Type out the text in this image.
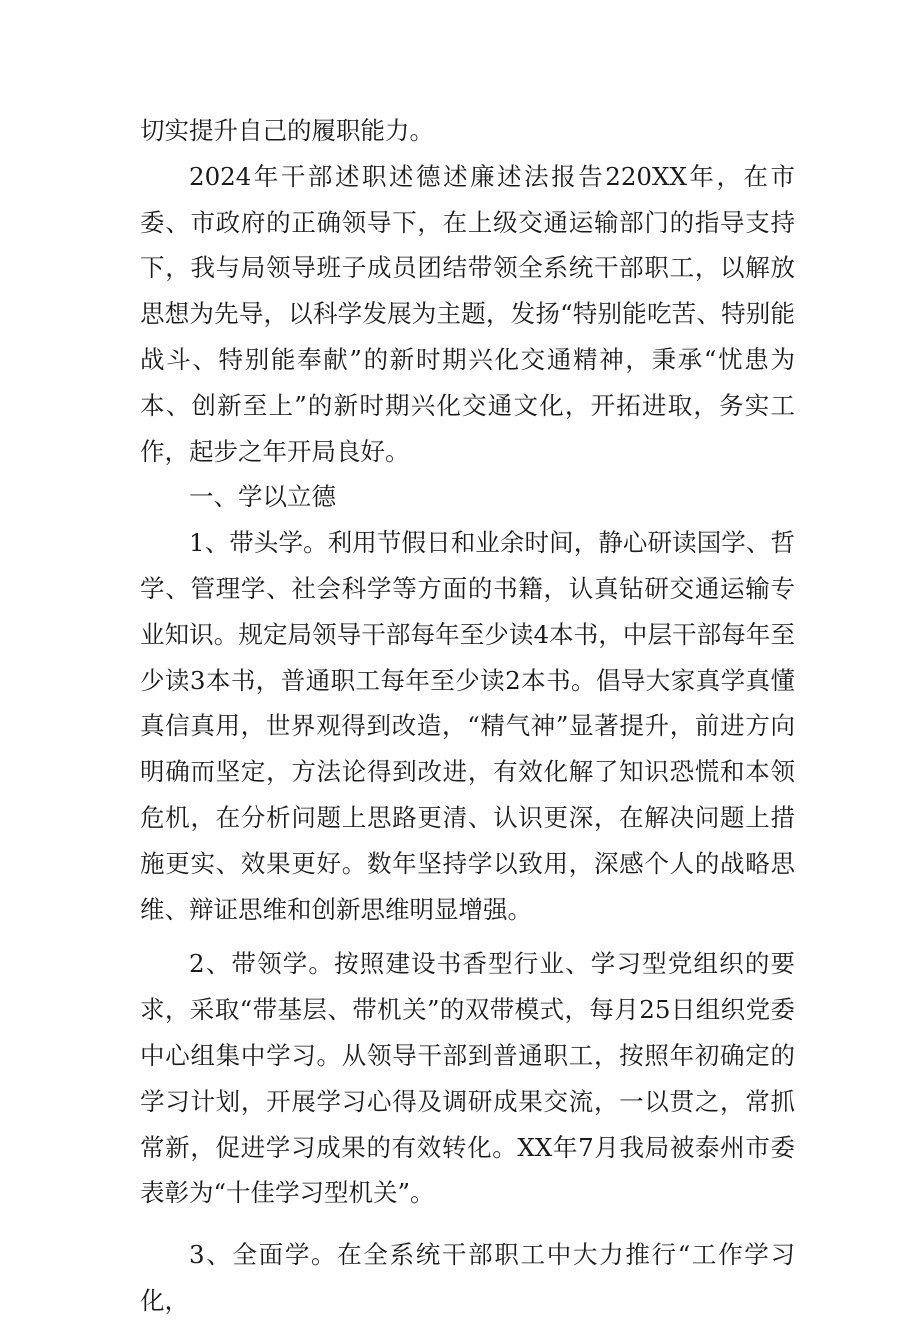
切实提升自己的履职能力。

2024年干部述职述德述廉述法报告220XX年，在市委、市政府的正确领导下，在上级交通运输部门的指导支持下，我与局领导班子成员团结带领全系统干部职工，以解放思想为先导，以科学发展为主题，发扬“特别能吃苦、特别能战斗、特别能奉献”的新时期兴化交通精神，秉承“忧患为本、创新至上”的新时期兴化交通文化，开拓进取，务实工作，起步之年开局良好。

一、学以立德

1、带头学。利用节假日和业余时间，静心研读国学、哲学、管理学、社会科学等方面的书籍，认真钻研交通运输专业知识。规定局领导干部每年至少读4本书，中层干部每年至少读3本书，普通职工每年至少读2本书。倡导大家真学真懂真信真用，世界观得到改造，“精气神”显著提升，前进方向明确而坚定，方法论得到改进，有效化解了知识恐慌和本领危机，在分析问题上思路更清、认识更深，在解决问题上措施更实、效果更好。数年坚持学以致用，深感个人的战略思维、辩证思维和创新思维明显增强。

2、带领学。按照建设书香型行业、学习型党组织的要求，采取“带基层、带机关”的双带模式，每月25日组织党委中心组集中学习。从领导干部到普通职工，按照年初确定的学习计划，开展学习心得及调研成果交流，一以贯之，常抓常新，促进学习成果的有效转化。XX年7月我局被泰州市委表彰为“十佳学习型机关”。

3、全面学。在全系统干部职工中大力推行“工作学习化，
